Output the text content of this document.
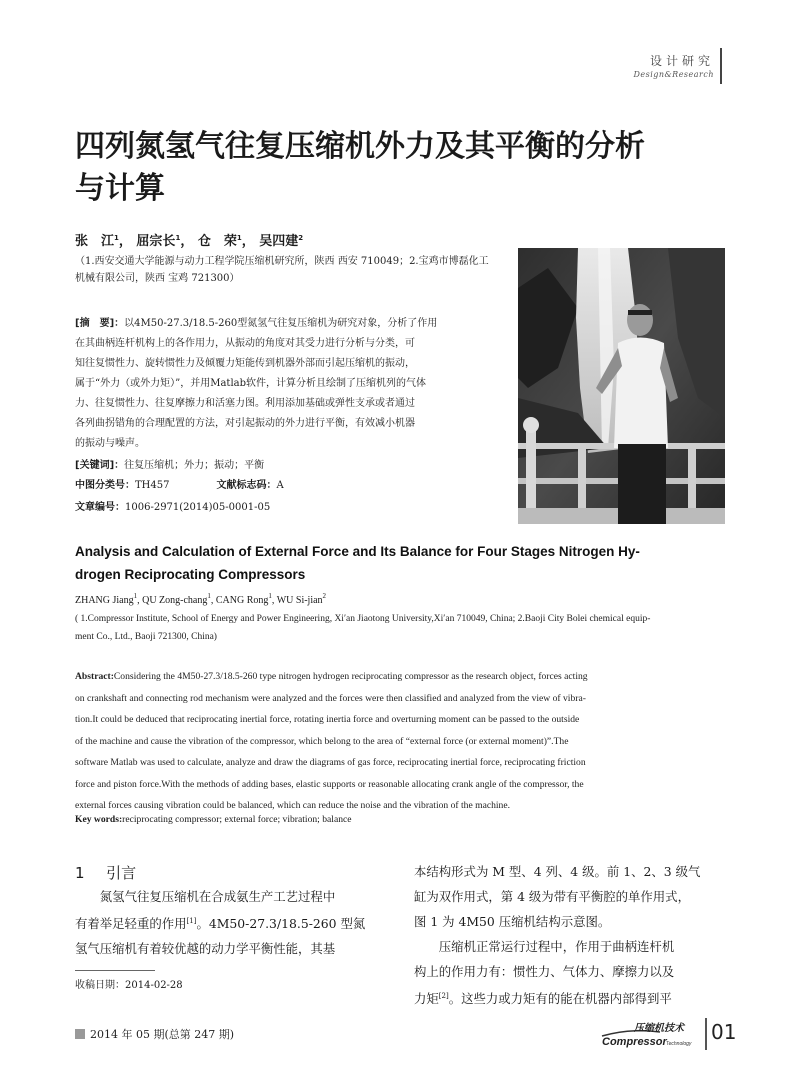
设计研究
Design&Research
四列氮氢气往复压缩机外力及其平衡的分析
与计算
张　江$^1$， 屈宗长$^1$， 仓　荣$^1$， 吴四建$^2$
（1.西安交通大学能源与动力工程学院压缩机研究所，陕西 西安 710049；2.宝鸡市博磊化工
机械有限公司，陕西 宝鸡 721300）
[摘　要]：以4M50-27.3/18.5-260型氮氢气往复压缩机为研究对象，分析了作用
在其曲柄连杆机构上的各作用力，从振动的角度对其受力进行分析与分类，可
知往复惯性力、旋转惯性力及倾覆力矩能传到机器外部而引起压缩机的振动，
属于“外力（或外力矩）”，并用Matlab软件，计算分析且绘制了压缩机列的气体
力、往复惯性力、往复摩擦力和活塞力图。利用添加基础或弹性支承或者通过
各列曲拐错角的合理配置的方法，对引起振动的外力进行平衡，有效减小机器
的振动与噪声。
[关键词]：往复压缩机；外力；振动；平衡
中图分类号：TH457	文献标志码：A
文章编号：1006-2971(2014)05-0001-05
Analysis and Calculation of External Force and Its Balance for Four Stages Nitrogen Hy-
drogen Reciprocating Compressors
ZHANG Jiang$^1$, QU Zong-chang$^1$, CANG Rong$^1$, WU Si-jian$^2$
( 1.Compressor Institute, School of Energy and Power Engineering, Xi′an Jiaotong University,Xi′an 710049, China; 2.Baoji City Bolei chemical equip-
ment Co., Ltd., Baoji 721300, China)
Abstract:Considering the 4M50-27.3/18.5-260 type nitrogen hydrogen reciprocating compressor as the research object, forces acting
on crankshaft and connecting rod mechanism were analyzed and the forces were then classified and analyzed from the view of vibra-
tion.It could be deduced that reciprocating inertial force, rotating inertia force and overturning moment can be passed to the outside
of the machine and cause the vibration of the compressor, which belong to the area of “external force (or external moment)”.The
software Matlab was used to calculate, analyze and draw the diagrams of gas force, reciprocating inertial force, reciprocating friction
force and piston force.With the methods of adding bases, elastic supports or reasonable allocating crank angle of the compressor, the
external forces causing vibration could be balanced, which can reduce the noise and the vibration of the machine.
Key words:reciprocating compressor; external force; vibration; balance
1 引言
氮氢气往复压缩机在合成氨生产工艺过程中
有着举足轻重的作用[1]。4M50-27.3/18.5-260 型氮
氢气压缩机有着较优越的动力学平衡性能，其基
收稿日期：2014-02-28
本结构形式为 M 型、4 列、4 级。前 1、2、3 级气
缸为双作用式，第 4 级为带有平衡腔的单作用式，
图 1 为 4M50 压缩机结构示意图。
压缩机正常运行过程中，作用于曲柄连杆机
构上的作用力有：惯性力、气体力、摩擦力以及
力矩[2]。这些力或力矩有的能在机器内部得到平
2014 年 05 期(总第 247 期)	压缩机技术
Compressor Technology 01
